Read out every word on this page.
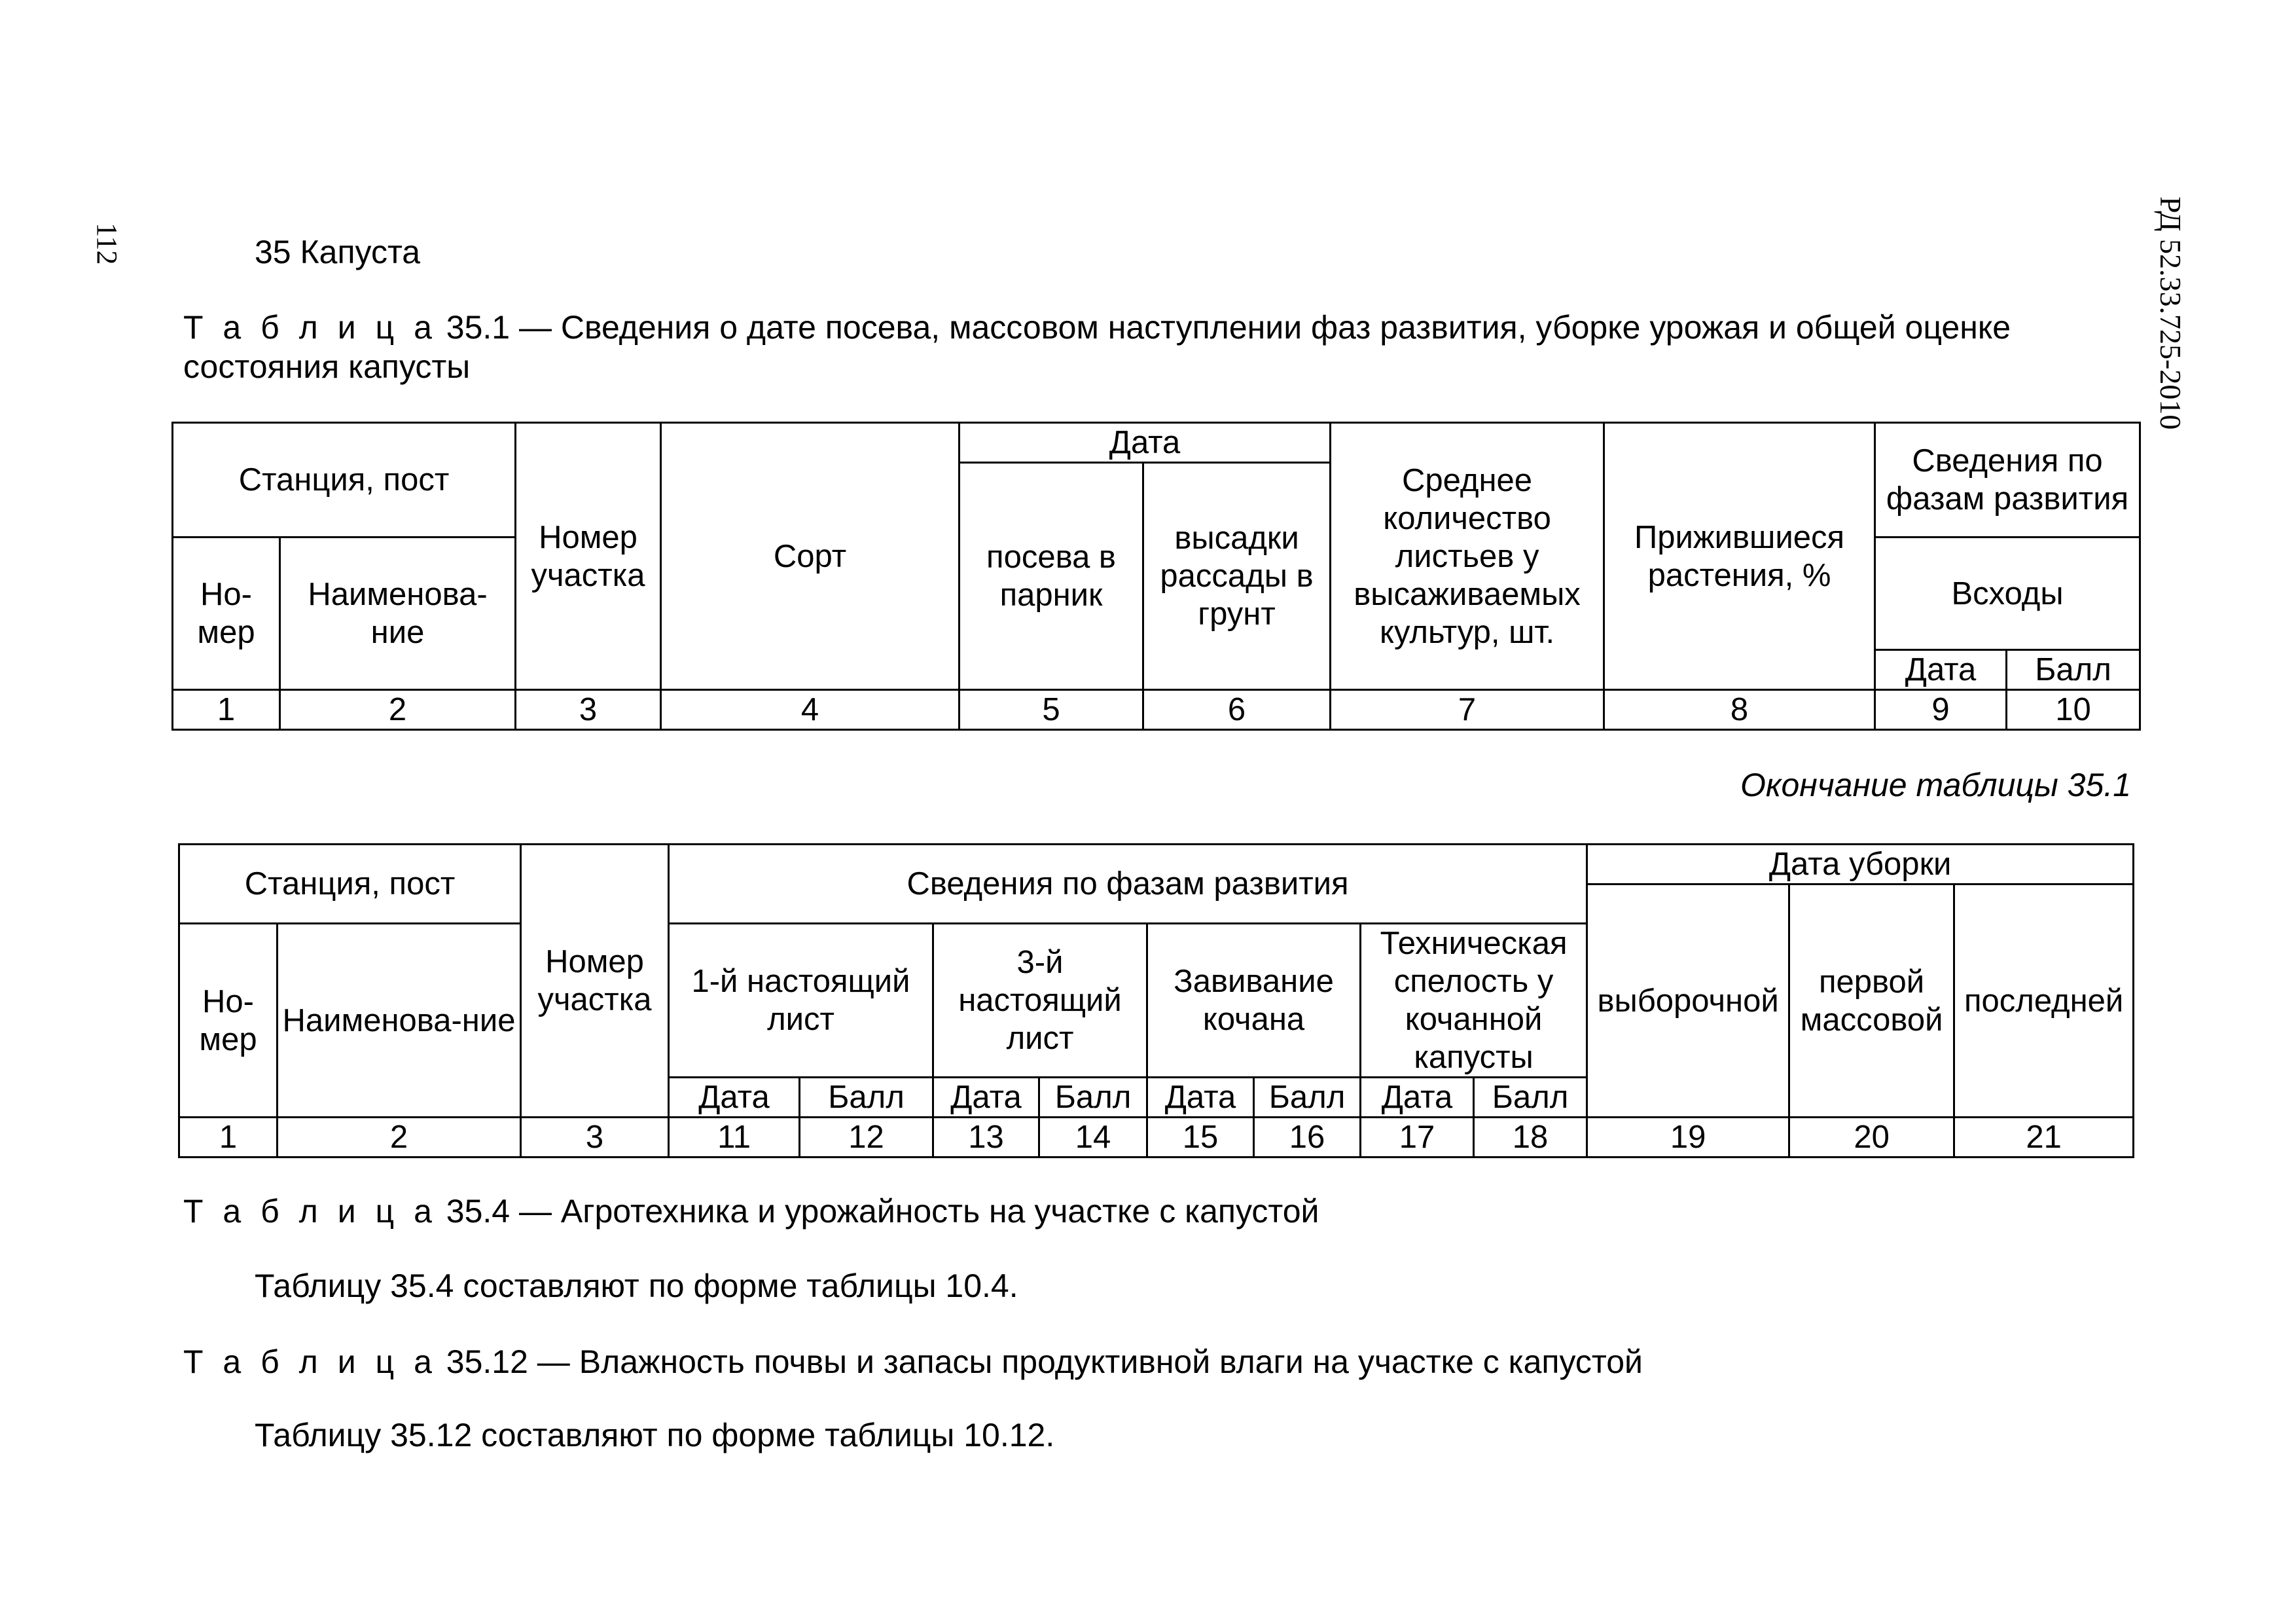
112	РД 52.33.725-2010
35 Капуста
Т а б л и ц а 35.1 — Сведения о дате посева, массовом наступлении фаз развития, уборке урожая и общей оценке состояния капусты
Станция, пост		Номер участка	Сорт	Дата		Среднее количество листьев у высаживаемых культур, шт.	Прижившиеся растения, %	Сведения по фазам развития	
				посева в парник	высадки рассады в грунт				

Но-мер	Наименова-ние							Всходы	

								Дата	Балл
1	2	3	4	5	6	7	8	9	10
Окончание таблицы 35.1
Станция, пост		Номер участка	Сведения по фазам развития								Дата уборки		
											выборочной	первой массовой	последней
Но-мер	Наименова-ние		1-й настоящий лист		3-й настоящий лист		Завивание кочана		Техническая спелость у кочанной капусты				

			Дата	Балл	Дата	Балл	Дата	Балл	Дата	Балл			
1	2	3	11	12	13	14	15	16	17	18	19	20	21
Т а б л и ц а 35.4 — Агротехника и урожайность на участке с капустой
Таблицу 35.4 составляют по форме таблицы 10.4.
Т а б л и ц а 35.12 — Влажность почвы и запасы продуктивной влаги на участке с капустой
Таблицу 35.12 составляют по форме таблицы 10.12.
